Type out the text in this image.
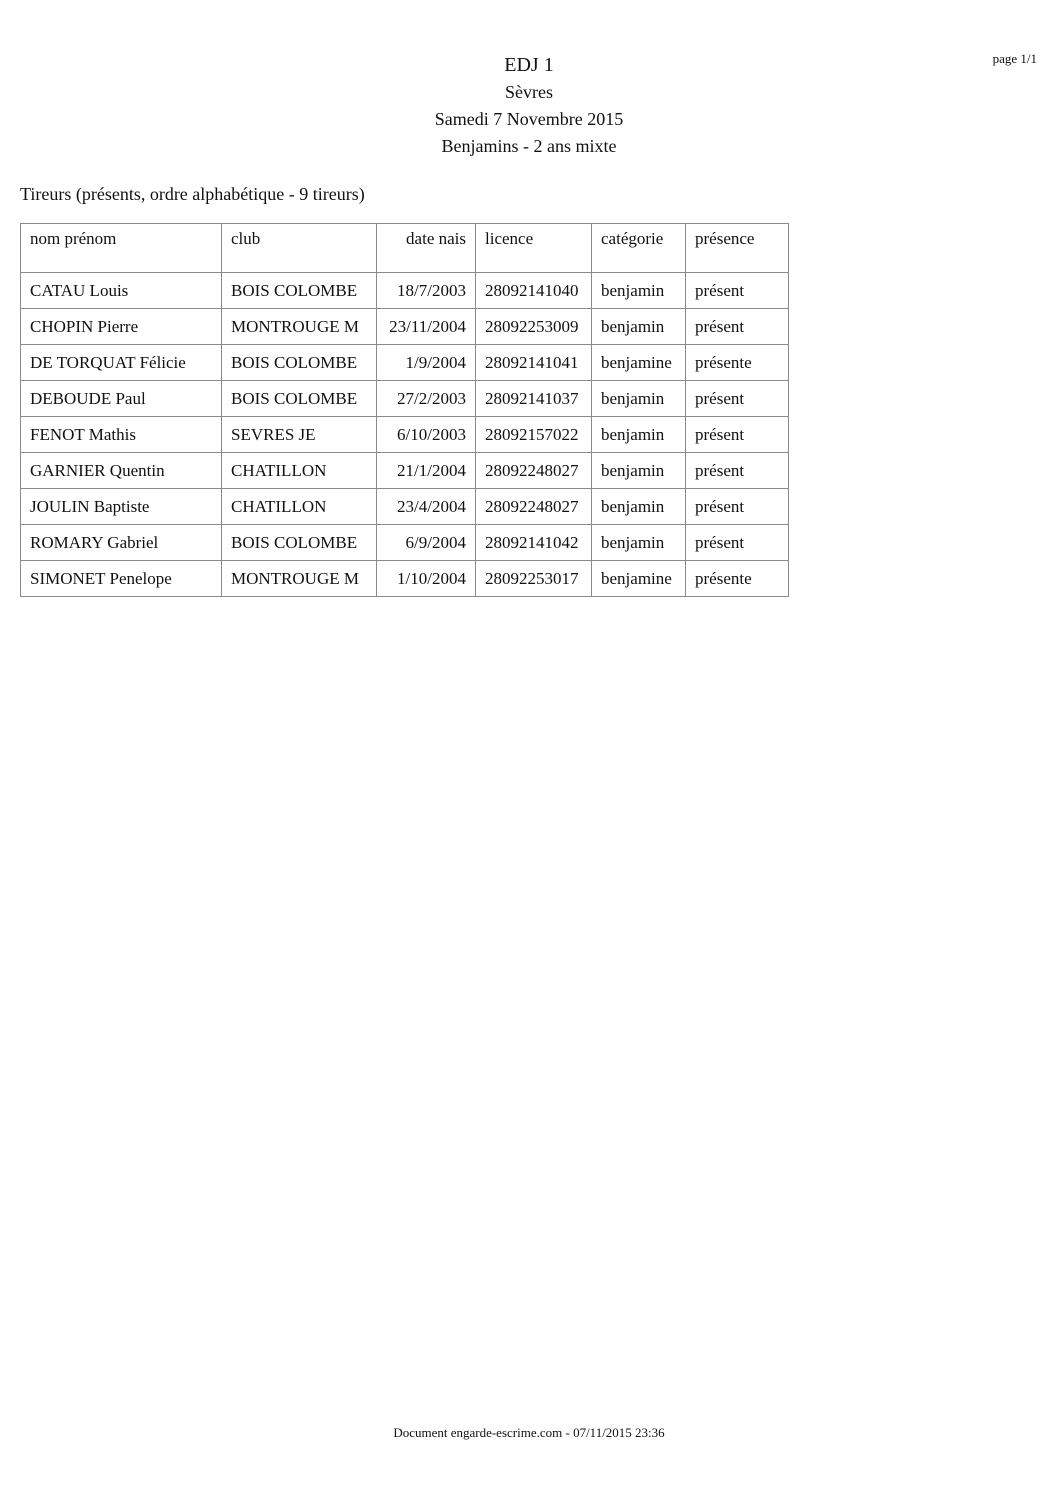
page 1/1
EDJ 1
Sèvres
Samedi 7 Novembre 2015
Benjamins - 2 ans mixte
Tireurs (présents, ordre alphabétique - 9 tireurs)
nom prénom	club	date nais	licence	catégorie	présence
CATAU Louis	BOIS COLOMBE	18/7/2003	28092141040	benjamin	présent
CHOPIN Pierre	MONTROUGE M	23/11/2004	28092253009	benjamin	présent
DE TORQUAT Félicie	BOIS COLOMBE	1/9/2004	28092141041	benjamine	présente
DEBOUDE Paul	BOIS COLOMBE	27/2/2003	28092141037	benjamin	présent
FENOT Mathis	SEVRES JE	6/10/2003	28092157022	benjamin	présent
GARNIER Quentin	CHATILLON	21/1/2004	28092248027	benjamin	présent
JOULIN Baptiste	CHATILLON	23/4/2004	28092248027	benjamin	présent
ROMARY Gabriel	BOIS COLOMBE	6/9/2004	28092141042	benjamin	présent
SIMONET Penelope	MONTROUGE M	1/10/2004	28092253017	benjamine	présente
Document engarde-escrime.com - 07/11/2015 23:36
